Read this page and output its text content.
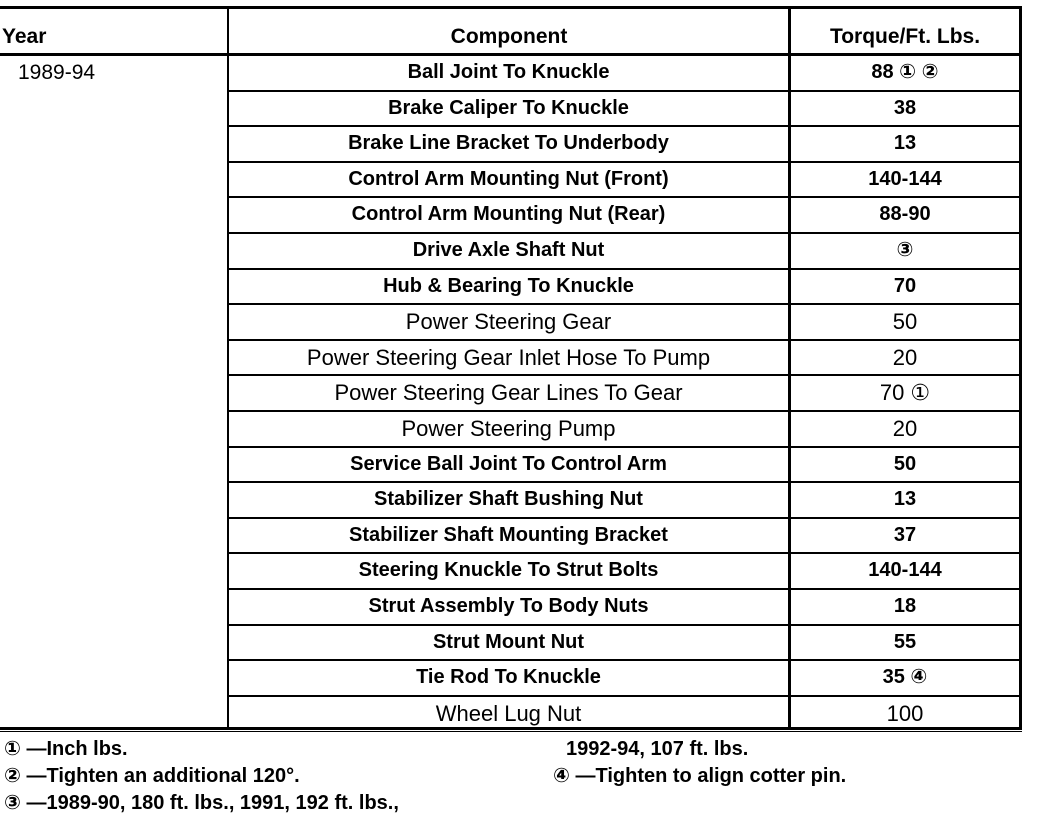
Year	Component	Torque/Ft. Lbs.
1989-94	Ball Joint To Knuckle	88 ① ②
Brake Caliper To Knuckle	38
Brake Line Bracket To Underbody	13
Control Arm Mounting Nut (Front)	140-144
Control Arm Mounting Nut (Rear)	88-90
Drive Axle Shaft Nut	③
Hub & Bearing To Knuckle	70
Power Steering Gear	50
Power Steering Gear Inlet Hose To Pump	20
Power Steering Gear Lines To Gear	70 ①
Power Steering Pump	20
Service Ball Joint To Control Arm	50
Stabilizer Shaft Bushing Nut	13
Stabilizer Shaft Mounting Bracket	37
Steering Knuckle To Strut Bolts	140-144
Strut Assembly To Body Nuts	18
Strut Mount Nut	55
Tie Rod To Knuckle	35 ④
Wheel Lug Nut	100
① —Inch lbs.
② —Tighten an additional 120°.
③ —1989-90, 180 ft. lbs., 1991, 192 ft. lbs.,
1992-94, 107 ft. lbs.
④ —Tighten to align cotter pin.
